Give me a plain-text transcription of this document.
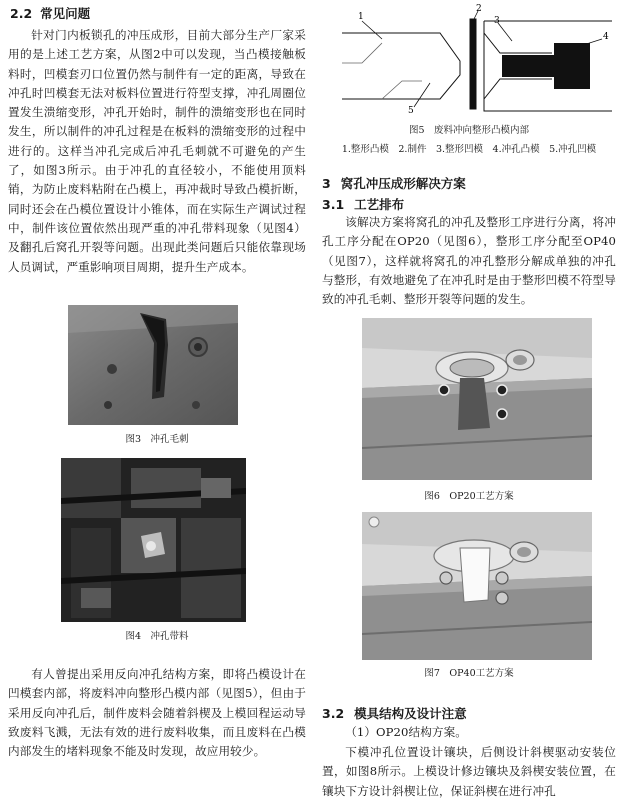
2.2 常见问题

针对门内板锁孔的冲压成形，目前大部分生产厂家采用的是上述工艺方案，从图2中可以发现，当凸模接触板料时，凹模套刃口位置仍然与制件有一定的距离，导致在冲孔时凹模套无法对板料位置进行符型支撑，冲孔周圈位置发生溃缩变形，冲孔开始时，制件的溃缩变形也在同时发生，所以制件的冲孔过程是在板料的溃缩变形的过程中进行的。这样当冲孔完成后冲孔毛刺就不可避免的产生了，如图3所示。由于冲孔的直径较小，不能使用顶料销，为防止废料粘附在凸模上，再冲裁时导致凸模折断，同时还会在凸模位置设计小锥体，而在实际生产调试过程中，制件该位置依然出现严重的冲孔带料现象（见图4）及翻孔后窝孔开裂等问题。出现此类问题后只能依靠现场人员调试，严重影响项目周期，提升生产成本。

图3　冲孔毛刺

图4　冲孔带料

有人曾提出采用反向冲孔结构方案，即将凸模设计在凹模套内部，将废料冲向整形凸模内部（见图5），但由于采用反向冲孔后，制件废料会随着斜楔及上模回程运动导致废料飞溅，无法有效的进行废料收集，而且废料在凸模内部发生的堵料现象不能及时发现，故应用较少。

1
2
3
4
5

图5　废料冲向整形凸模内部

1.整形凸模　2.制件　3.整形凹模　4.冲孔凸模　5.冲孔凹模

3 窝孔冲压成形解决方案
3.1 工艺排布

该解决方案将窝孔的冲孔及整形工序进行分离，将冲孔工序分配在OP20（见图6），整形工序分配至OP40（见图7），这样就将窝孔的冲孔整形分解成单独的冲孔与整形，有效地避免了在冲孔时是由于整形凹模不符型导致的冲孔毛刺、整形开裂等问题的发生。

图6　OP20工艺方案

图7　OP40工艺方案

3.2 模具结构及设计注意

（1）OP20结构方案。

下模冲孔位置设计镶块，后侧设计斜楔驱动安装位置，如图8所示。上模设计修边镶块及斜楔安装位置，在镶块下方设计斜楔让位，保证斜楔在进行冲孔
